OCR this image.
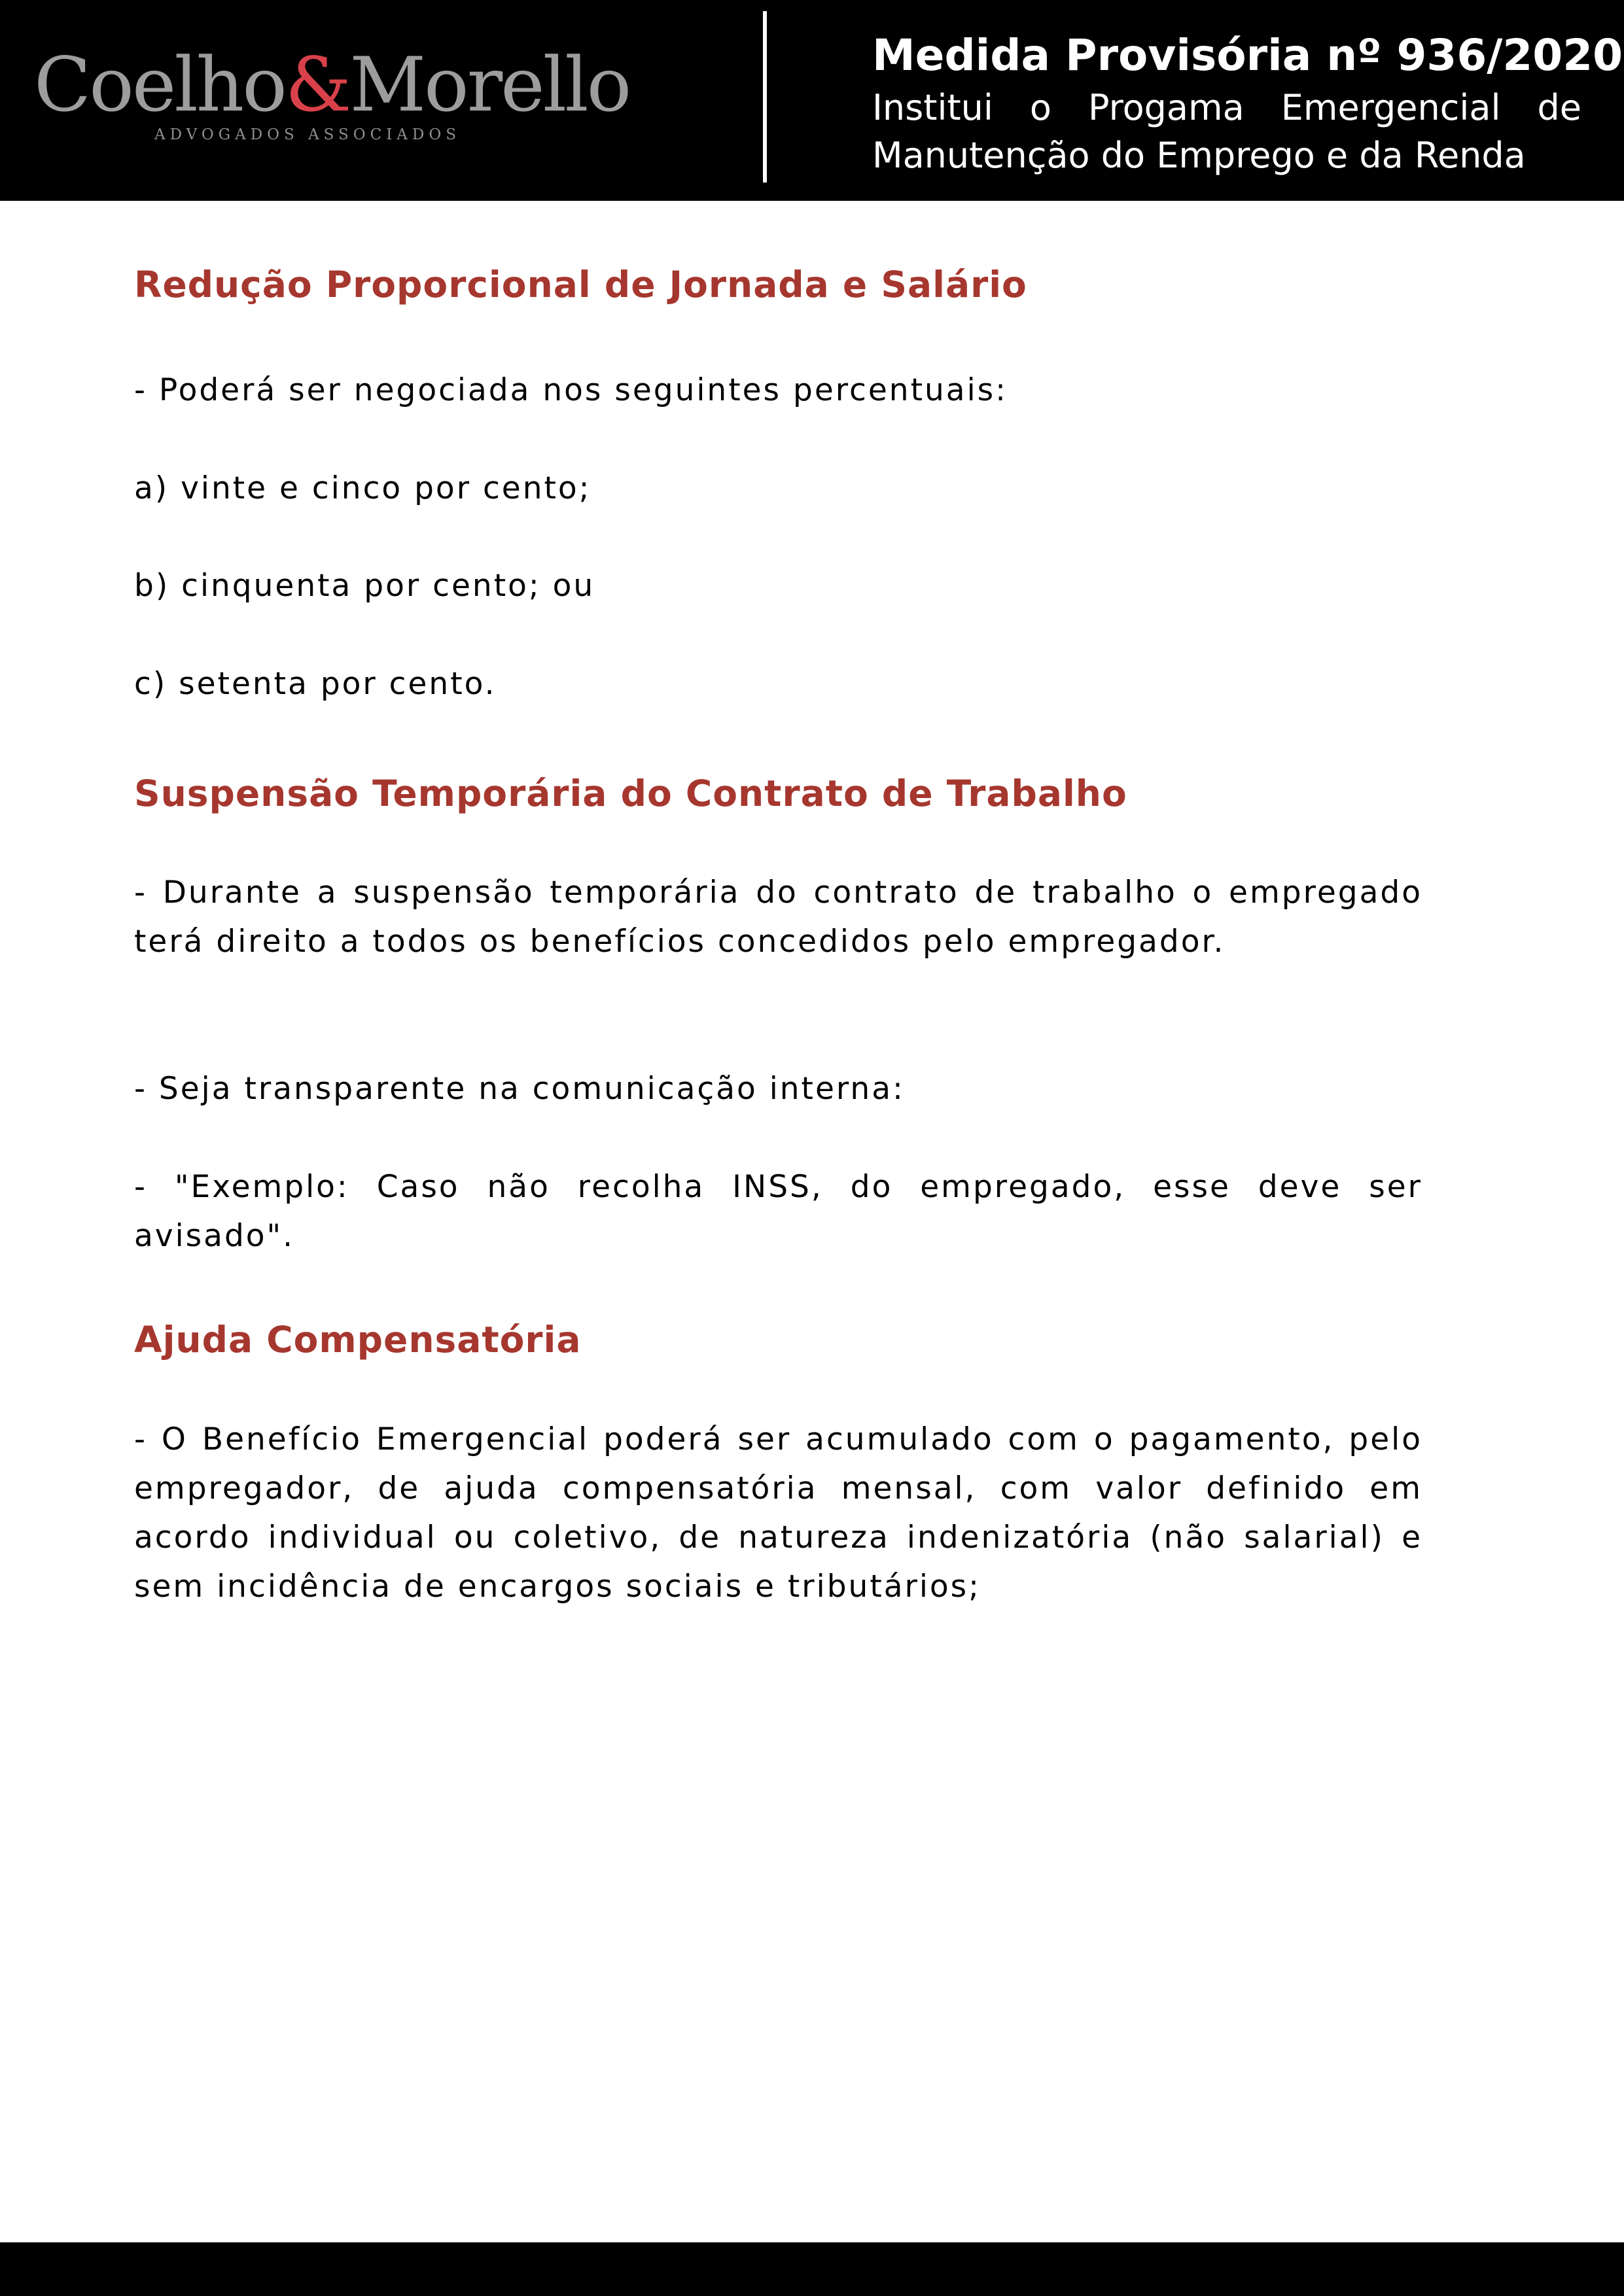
Coelho&Morello
ADVOGADOS ASSOCIADOS
Medida Provisória nº 936/2020
Institui o Progama Emergencial de
Manutenção do Emprego e da Renda
Redução Proporcional de Jornada e Salário

- Poderá ser negociada nos seguintes percentuais:

a) vinte e cinco por cento;

b) cinquenta por cento; ou

c) setenta por cento.

Suspensão Temporária do Contrato de Trabalho

- Durante a suspensão temporária do contrato de trabalho o empregado terá direito a todos os benefícios concedidos pelo empregador.

- Seja transparente na comunicação interna:

- "Exemplo: Caso não recolha INSS, do empregado, esse deve ser avisado".

Ajuda Compensatória

- O Benefício Emergencial poderá ser acumulado com o pagamento, pelo empregador, de ajuda compensatória mensal, com valor definido em acordo individual ou coletivo, de natureza indenizatória (não salarial) e sem incidência de encargos sociais e tributários;
